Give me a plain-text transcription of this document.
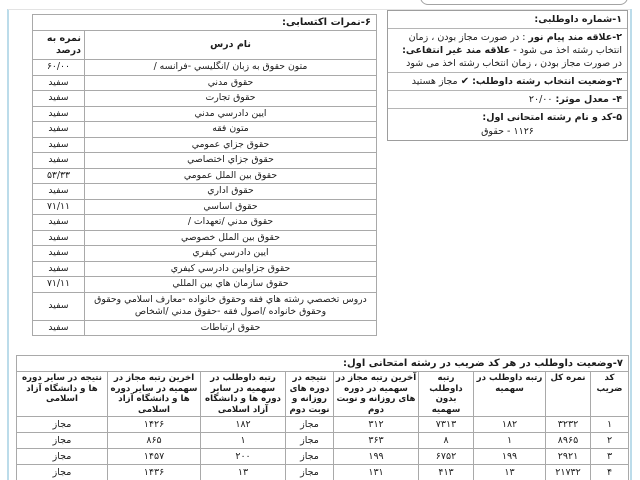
۱-شماره داوطلبی:
۲-علاقه مند پیام نور : در صورت مجاز بودن ، زمان انتخاب رشته اخذ می شود - علاقه مند غیر انتفاعی: در صورت مجاز بودن ، زمان انتخاب رشته اخذ می شود
۳-وضعیت انتخاب رشته داوطلب: ✔ مجاز هستید
۴- معدل موثر: ۲۰/۰۰
۵-کد و نام رشته امتحانی اول:
۱۱۲۶ - حقوق
۶-نمرات اکتسابی:	
نام درس	نمره به درصد
متون حقوق به زبان /انگلیسي -فرانسه /	۶۰/۰۰
حقوق مدني	سفید
حقوق تجارت	سفید
ایین دادرسي مدني	سفید
متون فقه	سفید
حقوق جزاي عمومي	سفید
حقوق جزاي اختصاصي	سفید
حقوق بین الملل عمومي	۵۳/۳۳
حقوق اداري	سفید
حقوق اساسي	۷۱/۱۱
حقوق مدني /تعهدات /	سفید
حقوق بین الملل خصوصي	سفید
ایین دادرسي کیفري	سفید
حقوق جزاوایین دادرسي کیفري	سفید
حقوق سازمان هاي بین المللي	۷۱/۱۱
دروس تخصصي رشته هاي فقه وحقوق خانواده -معارف اسلامي وحقوق وحقوق خانواده /اصول فقه -حقوق مدني /اشخاص	سفید
حقوق ارتباطات	سفید
۷-وضعیت داوطلب در هر کد ضریب در رشته امتحانی اول:								
کد ضریب	نمره کل	رتبه داوطلب در سهمیه	رتبه داوطلب بدون سهمیه	آخرین رتبه مجاز در سهمیه در دوره های روزانه و نوبت دوم	نتیجه در دوره های روزانه و نوبت دوم	رتبه داوطلب در سهمیه در سایر دوره ها و دانشگاه آزاد اسلامی	اخرین رتبه مجاز در سهمیه در سایر دوره ها و دانشگاه آزاد اسلامی	نتیجه در سایر دوره ها و دانشگاه آزاد اسلامی
۱	۳۲۳۲	۱۸۲	۷۳۱۳	۳۱۲	مجاز	۱۸۲	۱۴۲۶	مجاز
۲	۸۹۶۵	۱	۸	۳۶۳	مجاز	۱	۸۶۵	مجاز
۳	۲۹۲۱	۱۹۹	۶۷۵۲	۱۹۹	مجاز	۲۰۰	۱۴۵۷	مجاز
۴	۲۱۷۳۲	۱۳	۴۱۳	۱۳۱	مجاز	۱۳	۱۴۳۶	مجاز
